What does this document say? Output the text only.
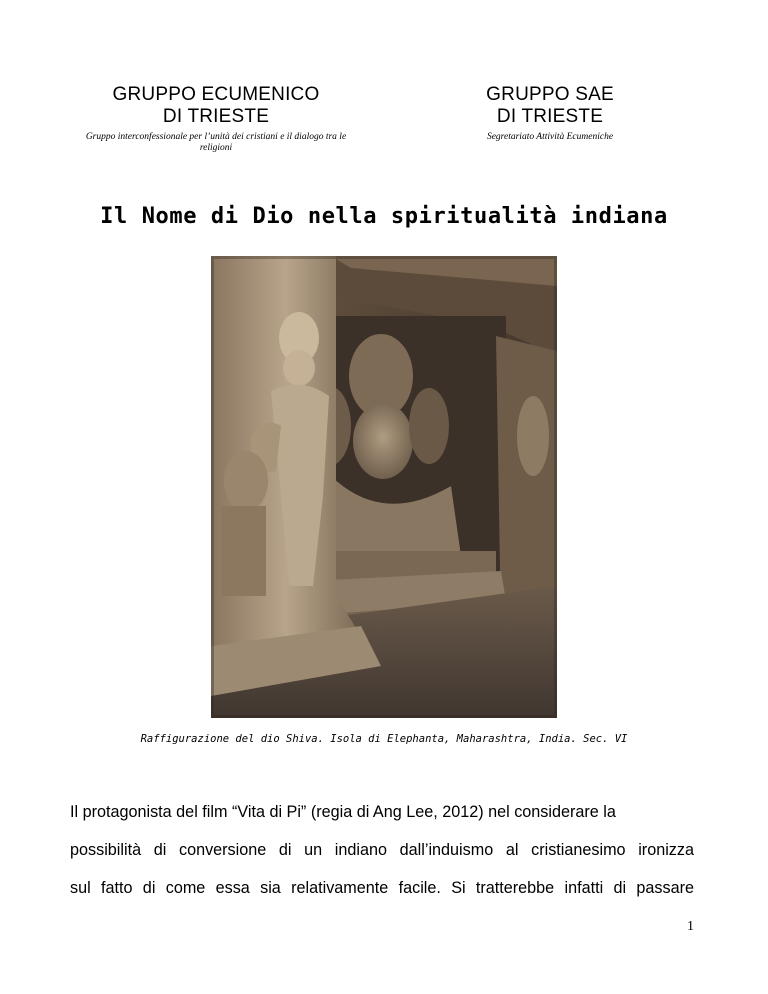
GRUPPO ECUMENICO
DI TRIESTE
Gruppo interconfessionale per l’unità dei cristiani e il dialogo tra le religioni
GRUPPO SAE
DI TRIESTE
Segretariato Attività Ecumeniche
Il Nome di Dio nella spiritualità indiana
Raffigurazione del dio Shiva. Isola di Elephanta, Maharashtra, India. Sec. VI
Il protagonista del film “Vita di Pi” (regia di Ang Lee, 2012) nel considerare la
possibilità di conversione di un indiano dall’induismo al cristianesimo ironizza
sul fatto di come essa sia relativamente facile. Si tratterebbe infatti di passare
1
